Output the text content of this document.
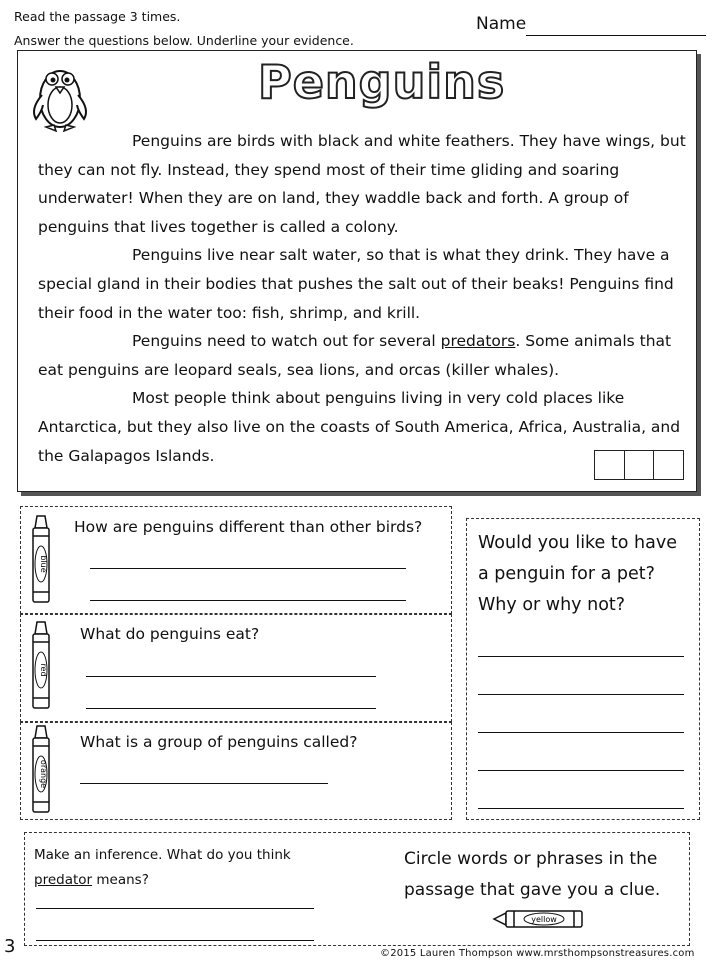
Read the passage 3 times.
Answer the questions below. Underline your evidence.
Name
Penguins

Penguins are birds with black and white feathers. They have wings, but they can not fly. Instead, they spend most of their time gliding and soaring underwater! When they are on land, they waddle back and forth. A group of penguins that lives together is called a colony.

Penguins live near salt water, so that is what they drink. They have a special gland in their bodies that pushes the salt out of their beaks! Penguins find their food in the water too: fish, shrimp, and krill.

Penguins need to watch out for several predators. Some animals that eat penguins are leopard seals, sea lions, and orcas (killer whales).

Most people think about penguins living in very cold places like Antarctica, but they also live on the coasts of South America, Africa, Australia, and the Galapagos Islands.

blue
How are penguins different than other birds?
red
What do penguins eat?
orange
What is a group of penguins called?
Would you like to have a penguin for a pet? Why or why not?
Make an inference. What do you think predator means?
Circle words or phrases in the passage that gave you a clue.
yellow
3	©2015 Lauren Thompson www.mrsthompsonstreasures.com
